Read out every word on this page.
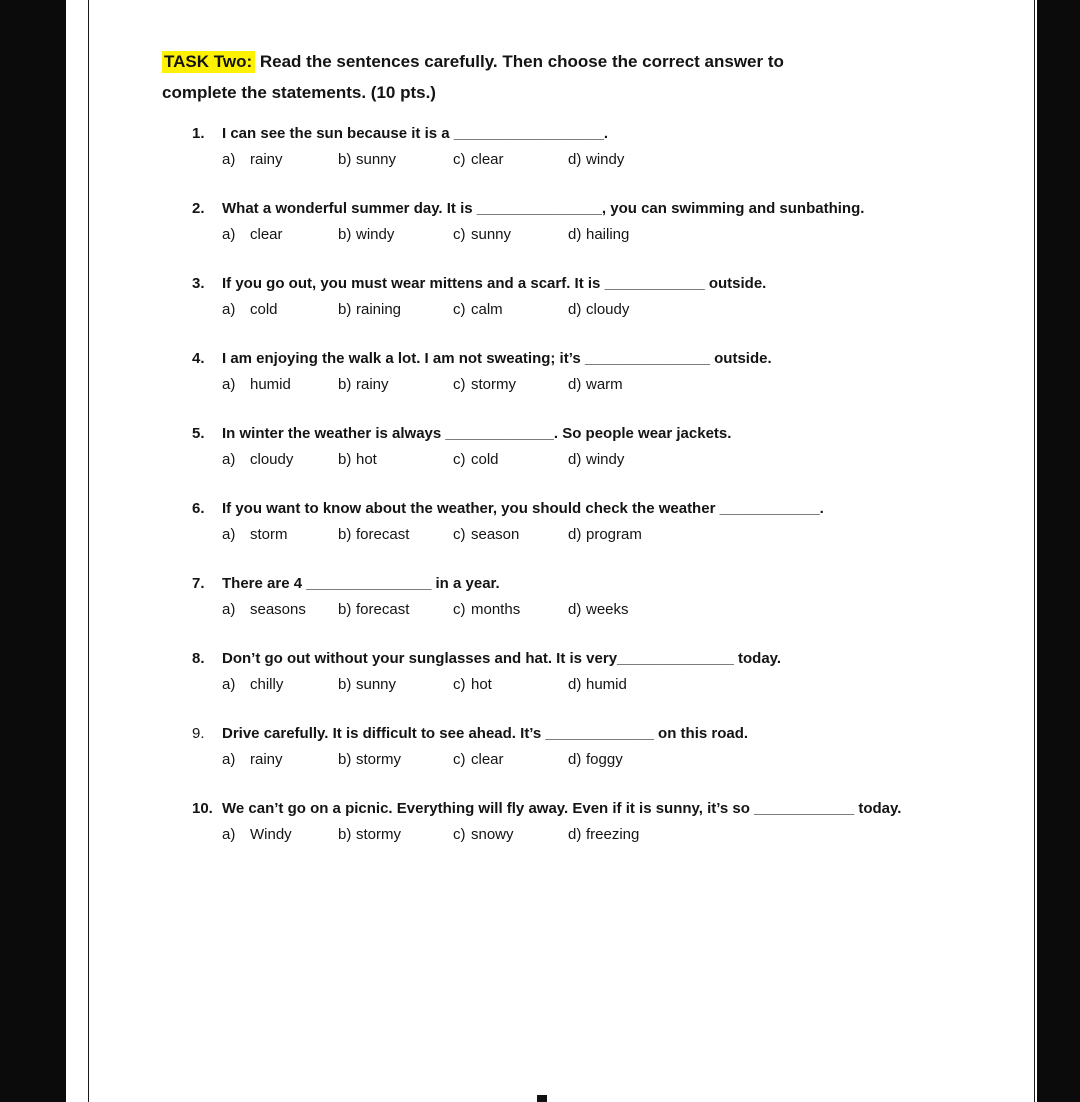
TASK Two: Read the sentences carefully. Then choose the correct answer to
complete the statements. (10 pts.)
1.	I can see the sun because it is a __________________.
a) rainy	b) sunny	c) clear	d) windy
2.	What a wonderful summer day. It is _______________, you can swimming and sunbathing.
a) clear	b) windy	c) sunny	d) hailing
3.	If you go out, you must wear mittens and a scarf. It is ____________ outside.
a) cold	b) raining	c) calm	d) cloudy
4.	I am enjoying the walk a lot. I am not sweating; it’s _______________ outside.
a) humid	b) rainy	c) stormy	d) warm
5.	In winter the weather is always _____________. So people wear jackets.
a) cloudy	b) hot	c) cold	d) windy
6.	If you want to know about the weather, you should check the weather ____________.
a) storm	b) forecast	c) season	d) program
7.	There are 4 _______________ in a year.
a) seasons	b) forecast	c) months	d) weeks
8.	Don’t go out without your sunglasses and hat. It is very______________ today.
a) chilly	b) sunny	c) hot	d) humid
9.	Drive carefully. It is difficult to see ahead. It’s _____________ on this road.
a) rainy	b) stormy	c) clear	d) foggy
10. We can’t go on a picnic. Everything will fly away. Even if it is sunny, it’s so ____________ today.
a) Windy	b) stormy	c) snowy	d) freezing
